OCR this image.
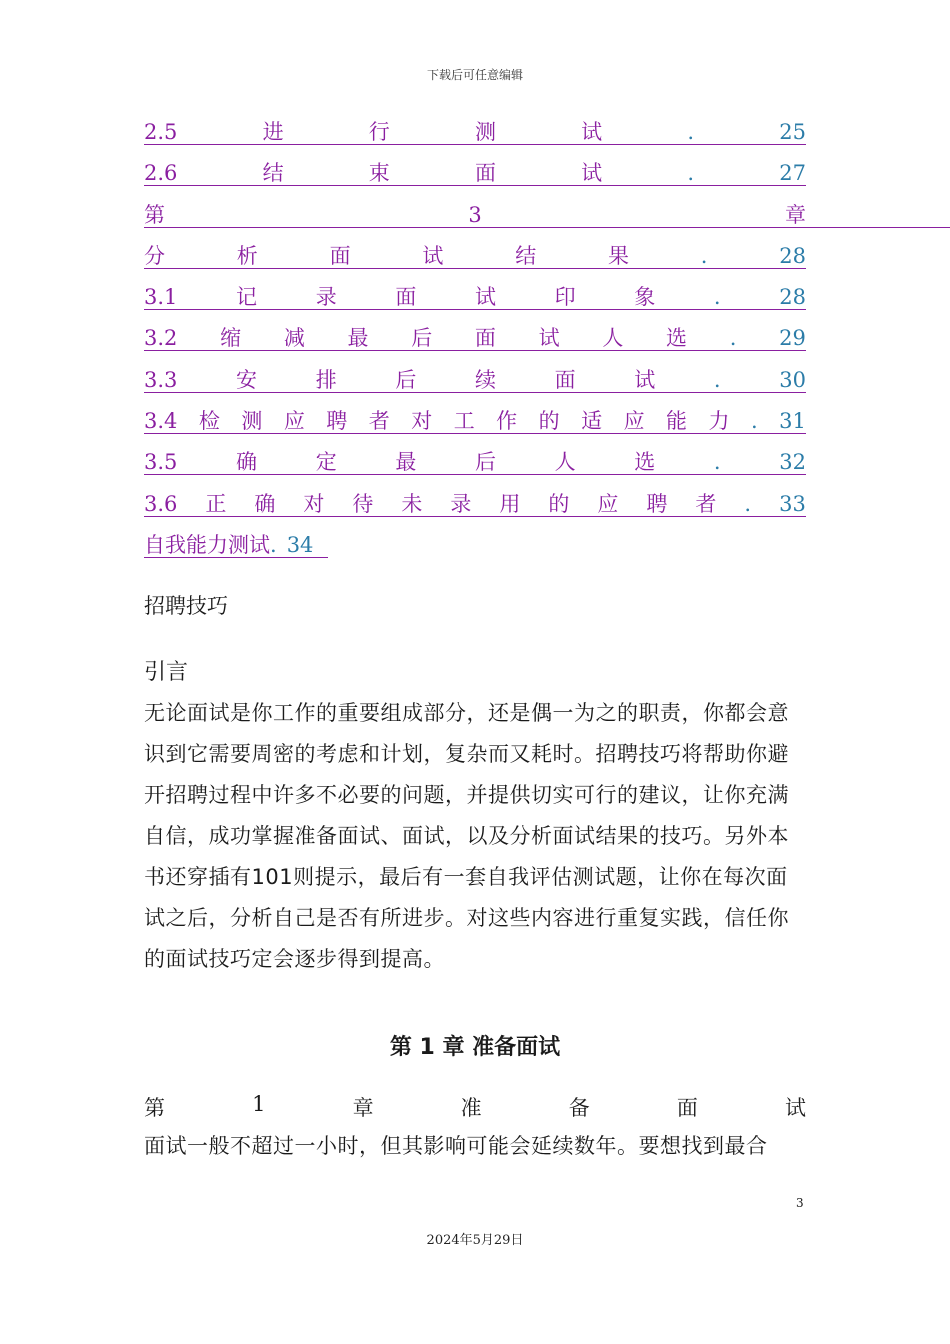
下载后可任意编辑
2.5	进	行	测	试	.	25
2.6	结	束	面	试	.	27
第	3	章
分	析	面	试	结	果	.	28
3.1	记	录	面	试	印	象	.	28
3.2 缩 减 最 后 面 试 人 选 . 29
3.3	安	排	后	续	面	试	.	30
3.4 检 测 应 聘 者 对 工 作 的 适 应 能 力 . 31
3.5	确	定	最	后	人	选	.	32
3.6 正 确 对 待 未 录 用 的 应 聘 者 . 33
自我能力测试 . 34
招聘技巧
引言
无论面试是你工作的重要组成部分，还是偶一为之的职责，你都会意识到它需要周密的考虑和计划，复杂而又耗时。招聘技巧将帮助你避开招聘过程中许多不必要的问题，并提供切实可行的建议，让你充满自信，成功掌握准备面试、面试，以及分析面试结果的技巧。另外本书还穿插有101则提示，最后有一套自我评估测试题，让你在每次面试之后，分析自己是否有所进步。对这些内容进行重复实践，信任你的面试技巧定会逐步得到提高。
第 1 章 准备面试
第	1	章	准	备	面	试
面试一般不超过一小时，但其影响可能会延续数年。要想找到最合
3
2024年5月29日
